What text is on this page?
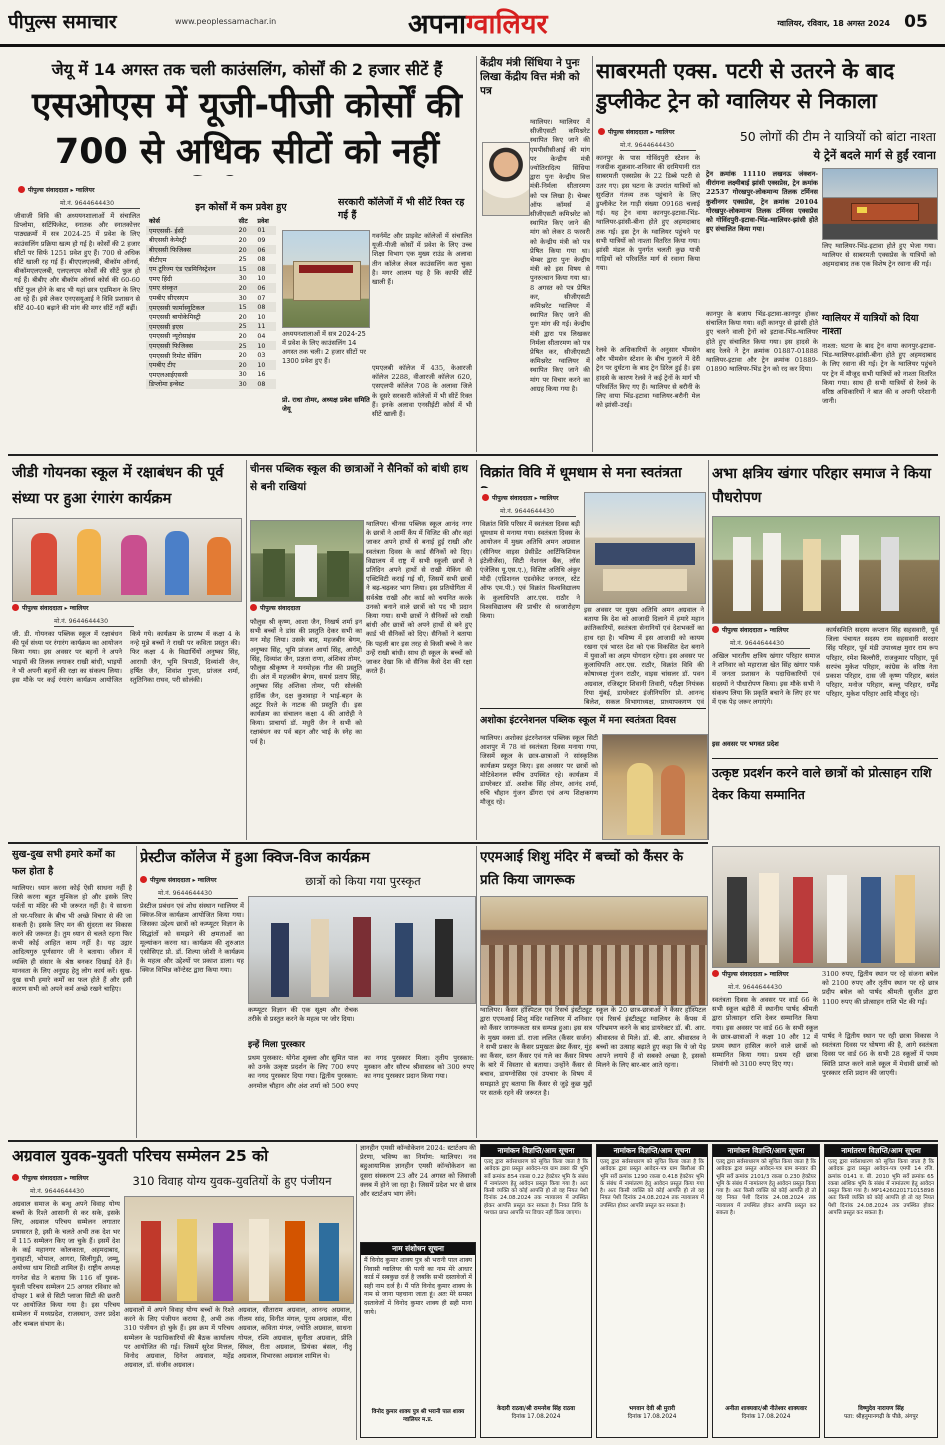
पीपुल्स समाचार	www.peoplessamachar.in	अपनाग्वालियर	ग्वालियर, रविवार, 18 अगस्त 2024 05
जेयू में 14 अगस्त तक चली काउंसलिंग, कोर्सों की 2 हजार सीटें हैं
एसओएस में यूजी-पीजी कोर्सों की
700 से अधिक सीटों को नहीं
पीपुल्स संवाददाता ▸ ग्वालियर
मो.नं. 9644644430
जीवाजी विवि की अध्ययनशालाओं में संचालित डिप्लोमा, सर्टिफिकेट, स्नातक और स्नातकोत्तर पाठ्यक्रमों में सत्र 2024-25 में प्रवेश के लिए काउंसलिंग प्रक्रिया खत्म हो गई है। कोर्सों की 2 हजार सीटों पर सिर्फ 1251 प्रवेश हुए हैं। 700 से अधिक सीटें खाली रह गई हैं। बीएएलएलबी, बीकॉम ऑनर्स, बीकॉमएलएलबी, एलएलएम कोर्सों की सीटें फुल हो गई हैं। बीबीए और बीकॉम ऑनर्स कोर्स की 60-60 सीटें फुल होने के बाद भी यहां छात्र एडमिशन के लिए आ रहे हैं। इसे लेकर एनएसयूआई ने विवि प्रशासन से सीटें 40-40 बढ़ाने की मांग की मगर सीटें नहीं बढ़ीं।
इन कोर्सों में कम प्रवेश हुए
कोर्स	सीट	प्रवेश
एमएससी- ईसी	20	01
बीएससी केमेस्ट्री	20	09
बीएससी फिजिक्स	20	06
बीटीएम	25	08
एम टूरिज्म एंड एडमिनिस्ट्रेशन	15	08
एमए हिंदी	30	10
एमए संस्कृत	20	06
एमबीए सीएसएम	30	07
एमएससी फार्मास्युटिकल	15	08
एमएससी बायोकेमिस्ट्री	20	10
एमएससी इएस	25	11
एमएससी न्यूरोसाइंस	20	04
एमएससी फिजिक्स	25	10
एमएससी रिमोट सेंसिंग	20	03
एमबीए टीए	20	10
एमएलआईएससी	30	16
डिप्लोमा इन्वेस्ट	30	08
सरकारी कॉलेजों में भी सीटें रिक्त रह गई हैं
गवर्नमेंट और प्राइवेट कॉलेजों में संचालित यूजी-पीजी कोर्सों में प्रवेश के लिए उच्च शिक्षा विभाग एक मुख्य राउंड के अलावा तीन कॉलेज लेवल काउंसलिंग करा चुका है। मगर आलम यह है कि काफी सीटें खाली हैं।
अध्ययनशालाओं में सत्र 2024-25 में प्रवेश के लिए काउंसलिंग 14 अगस्त तक चली। 2 हजार सीटों पर 1300 प्रवेश हुए हैं।
प्रो. राधा तोमर, अध्यक्ष प्रवेश समिति जेयू
एमएलबी कॉलेज में 435, केआरजी कॉलेज 2288, वीआरजी कॉलेज 620, एसएलपी कॉलेज 708 के अलावा जिले के दूसरे सरकारी कॉलेजों में भी सीटें रिक्त हैं। इनके अलावा एनसीईटी कोर्स में भी सीटें खाली हैं।
केंद्रीय मंत्री सिंधिया ने पुनः लिखा केंद्रीय वित्त मंत्री को पत्र
ग्वालियर। ग्वालियर में सीजीएसटी कमिश्नरेट स्थापित किए जाने की एमपीसीसीआई की मांग पर केन्द्रीय मंत्री ज्योतिरादित्य सिंधिया द्वारा पुनः केन्द्रीय वित्त मंत्री-निर्मला सीतारमण को पत्र लिखा है। चेम्बर ऑफ कॉमर्स में सीजीएसटी कमिश्नरेट को स्थापित किए जाने की मांग को लेकर 8 फरवरी को केन्द्रीय मंत्री को पत्र प्रेषित किया गया था। चेम्बर द्वारा पुनः केन्द्रीय मंत्री को इस विषय से पुनरुत्थान किया गया था। 8 अगस्त को पत्र प्रेषित कर, सीजीएसटी कमिश्नरेट ग्वालियर में स्थापित किए जाने की पुनः मांग की गई। केन्द्रीय मंत्री द्वारा पत्र लिखकर निर्मला सीतारमण को पत्र प्रेषित कर, सीजीएसटी कमिश्नरेट ग्वालियर में स्थापित किए जाने की मांग पर विचार करने का आग्रह किया गया है।
साबरमती एक्स. पटरी से उतरने के बाद
डुप्लीकेट ट्रेन को ग्वालियर से निकाला
50 लोगों की टीम ने यात्रियों को बांटा नाश्ता
ये ट्रेनें बदले मार्ग से हुईं रवाना
पीपुल्स संवाददाता ▸ ग्वालियर
मो.नं. 9644644430
कानपुर के पास गोविंदपुरी स्टेशन के नजदीक शुक्रवार-शनिवार की दरमियानी रात साबरमती एक्सप्रेस के 22 डिब्बे पटरी से उतर गए। इस घटना के उपरांत यात्रियों को सुरक्षित गंतव्य तक पहुंचाने के लिए डुप्लीकेट रेल गाड़ी संख्या 09168 चलाई गई। यह ट्रेन वाया कानपुर-इटावा-भिंड-ग्वालियर-झांसी-बीना होते हुए अहमदाबाद तक गई। इस ट्रेन के ग्वालियर पहुंचने पर सभी यात्रियों को नाश्ता वितरित किया गया। झांसी मंडल के पुनर्गत चलती कुछ यात्री गाड़ियों को परिवर्तित मार्ग से रवाना किया गया।
रेलवे के अधिकारियों के अनुसार भीमसेन और भीमसेन स्टेशन के बीच गुजरने में देरी ट्रेन पर दुर्घटना के बाद ट्रेन डिरेल हुई है। इस हादसे के कारण रेलवे ने कई ट्रेनों के मार्ग भी परिवर्तित किए गए हैं। ग्वालियर से बरौनी के लिए वाया भिंड-इटावा ग्वालियर-बरौनी मेल को झांसी-उरई।
ट्रेन क्रमांक 11110 लखनऊ जंक्शन-वीरांगना लक्ष्मीबाई झांसी एक्सप्रेस, ट्रेन क्रमांक 22537 गोरखपुर-लोकमान्य तिलक टर्मिनस कुशीनगर एक्सप्रेस, ट्रेन क्रमांक 20104 गोरखपुर-लोकमान्य तिलक टर्मिनस एक्सप्रेस को गोविंदपुरी-इटावा-भिंड-ग्वालियर-झांसी होते हुए संचालित किया गया।
कानपुर के बजाय भिंड-इटावा-कानपुर होकर संचालित किया गया। वहीं कानपुर से झांसी होते हुए चलने वाली ट्रेनों को इटावा-भिंड-ग्वालियर होते हुए संचालित किया गया। इस हादसे के बाद रेलवे ने ट्रेन क्रमांक 01887-01888 ग्वालियर-इटावा और ट्रेन क्रमांक 01889-01890 ग्वालियर-भिंड ट्रेन को रद कर दिया।
लिए ग्वालियर-भिंड-इटावा होते हुए भेजा गया। ग्वालियर से साबरमती एक्सप्रेस के यात्रियों को अहमदाबाद तक एक विशेष ट्रेन रवाना की गई।
ग्वालियर में यात्रियों को दिया नाश्ता
नाश्ता: घटना के बाद ट्रेन वाया कानपुर-इटावा-भिंड-ग्वालियर-झांसी-बीना होते हुए अहमदाबाद के लिए रवाना की गई। ट्रेन के ग्वालियर पहुंचने पर ट्रेन में मौजूद सभी यात्रियों को नाश्ता वितरित किया गया। साथ ही सभी यात्रियों से रेलवे के वरिष्ठ अधिकारियों ने बात की व अपनी परेशानी जानी।
जीडी गोयनका स्कूल में रक्षाबंधन की पूर्व संध्या पर हुआ रंगारंग कार्यक्रम
पीपुल्स संवाददाता ▸ ग्वालियर
मो.नं. 9644644430
जी. डी. गोयनका पब्लिक स्कूल में रक्षाबंधन की पूर्व संध्या पर रंगारंग कार्यक्रम का आयोजन किया गया। इस अवसर पर बहनों ने अपने भाइयों की तिलक लगाकर राखी बांधी, भाइयों ने भी अपनी बहनों की रक्षा का संकल्प लिया। इस मौके पर कई रंगारंग कार्यक्रम आयोजित किये गये। कार्यक्रम के प्रारम्भ में कक्षा 4 के नन्हे मुन्ने बच्चों ने राखी पर कविता प्रस्तुत की। फिर कक्षा 4 के विद्यार्थियों अनुष्का सिंह, आराधी जैन, भूमि त्रिपाठी, दिव्यांशी जैन, हर्षित जैन, शिवांश गुप्ता, प्रांजल शर्मा, स्तुतिनिका राघव, परी सोलंकी।
चीनस पब्लिक स्कूल की छात्राओं ने सैनिकों को बांधी हाथ से बनी राखियां
पीपुल्स संवाददाता
फौलुस श्री कृष्ण, आशा जैन, निखर्ष शर्मा इन सभी बच्चों ने डांस की प्रस्तुति देकर सभी का मन मोह लिया। उसके बाद, महजबीन बेगम, अनुष्का सिंह, भूमि प्रांजल आर्या सिंह, आरोही सिंह, दिव्यांश जैन, प्रज्ञता राणा, अंशिका तोमर, फौलुस श्रीकृष्ण ने मनमोहक गीत की प्रस्तुति दी। अंत में महजबीन बेगम, समर्थ प्रताप सिंह, अनुष्का सिंह अंशिका तोमर, परी सोलंकी हार्दिक जैन, दक्ष कुशवाहा ने भाई-बहन के अटूट रिश्ते के नाटक की प्रस्तुति दी। इस कार्यक्रम का संचालन कक्षा 4 की आरोही ने किया। प्राचार्या डॉ. मधुरी जैन ने सभी को रक्षाबंधन का पर्व बहन और भाई के स्नेह का पर्व है।
ग्वालियर। चीनस पब्लिक स्कूल आनंद नगर के छात्रों ने आर्मी कैंप में विजिट की और वहां जाकर अपने हाथों से बनाई हुई राखी और स्वतंत्रता दिवस के कार्ड सैनिकों को दिए। विद्यालय में राष्ट्र में सभी स्कूली छात्रों ने प्रतिदिन अपने हाथों से राखी मेकिंग की एक्टिविटी कराई गई थी, जिसमें सभी छात्रों ने बढ़-चढ़कर भाग लिया। इस प्रतियोगिता में सर्वश्रेष्ठ राखी और कार्ड को चयनित करके उनको बनाने वाले छात्रों को पद भी प्रदान किया गया। सभी छात्रों ने सैनिकों को राखी बांधी और छात्रों को अपने हाथों से बने हुए कार्ड भी सैनिकों को दिए। सैनिकों ने बताया कि पहली बार इस तरह से किसी बच्चे ने कर उन्हें राखी बांधी। साथ ही स्कूल के बच्चों को जाकर देखा कि वो सैनिक कैसे देश की रक्षा करते हैं।
विक्रांत विवि में धूमधाम से मना स्वतंत्रता
पीपुल्स संवाददाता ▸ ग्वालियर
मो.नं. 9644644430
विक्रांत विवि परिसर में स्वतंत्रता दिवस बड़ी धूमधाम से मनाया गया। स्वतंत्रता दिवस के आयोजन में मुख्य अतिथि अमन अग्रवाल (सीनियर वाइस प्रेसीडेंट आर्टिफिशियल इंटेलीजेंस), सिटी नेशनल बैंक, लॉस एंजेलिस यू.एस.ए.), विशिष्ट अतिथि अंकुर मोदी (एडिशनल एडवोकेट जनरल, स्टेट ऑफ एम.पी.) एवं विक्रांत विश्वविद्यालय के कुलाधिपति आर.एस. राठौर ने विश्वविद्यालय की प्राचीर से ध्वजारोहण किया।
इस अवसर पर मुख्य अतिथि अमन अग्रवाल ने बताया कि देश को आजादी दिलाने में हमारे महान क्रांतिकारियों, स्वतंत्रता सेनानियों एवं देशभक्तों का हाथ रहा है। भविष्य में इस आजादी को कायम रखना एवं भारत देश को एक विकसित देश बनाने में युवाओं का अहम योगदान रहेगा। इस अवसर पर कुलाधिपति आर.एस. राठौर, विक्रांत विवि की कोषाध्यक्ष गुंजन राठौर, वाइस चांसलर डॉ. पवन अग्रवाल, रजिस्ट्रार शिवानी तिवारी, परीक्षा नियंत्रक रिया मुंबई, डायरेक्टर इंजीनियरिंग प्रो. आनन्द बिलेश, सकल विभागाध्यक्ष, प्राध्यापकगण एवं
अभा क्षत्रिय खंगार परिहार समाज ने किया पौधरोपण
पीपुल्स संवाददाता ▸ ग्वालियर
मो.नं. 9644644430
अखिल भारतीय क्षत्रिय खंगार परिहार समाज ने शनिवार को महाराजा खेत सिंह खंगार पार्क में जनता प्रशासन के पदाधिकारियों एवं सदस्यों ने पौधारोपण किया। इस मौके सभी ने संकल्प लिया कि प्रकृति बचाने के लिए हर घर में एक पेड़ जरूर लगाएंगे।
इस अवसर पर भगवत प्रदेश
कार्यसमिति सदस्य कप्तान सिंह सहसवारी, पूर्व जिला पंचायत सदस्य राम सहसवारी सरदार सिंह परिहार, पूर्व मंडी उपाध्यक्ष मुरार राम रूप परिहार, रमेश बिल्लौरी, राजकुमार परिहार, पूर्व सरपंच मुकेश परिहार, कांग्रेस के वरिष्ठ नेता प्रकाश परिहार, दास जी कृष्ण परिहार, बसंत परिहार, मनोज परिहार, बल्लू परिहार, धर्मेंद्र परिहार, मुकेश परिहार आदि मौजूद रहे।
अशोका इंटरनेशनल पब्लिक स्कूल में मना स्वतंत्रता दिवस
ग्वालियर। अशोका इंटरनेशनल पब्लिक स्कूल सिटी आशपुर में 78 वां स्वतंत्रता दिवस मनाया गया, जिसमें स्कूल के छात्र-छात्राओं ने सांस्कृतिक कार्यक्रम प्रस्तुत किए। इस अवसर पर छात्रों को मोटिवेशनल स्पीच उपस्थित रहे। कार्यक्रम में डायरेक्टर डॉ. अशोक सिंह तोमर, आनंद शर्मा, रुचि चौहान गुंजन ढींगरा एवं अन्य शिक्षकगण मौजूद रहे।
उत्कृष्ट प्रदर्शन करने वाले छात्रों को प्रोत्साहन राशि देकर किया सम्मानित
सुख-दुख सभी हमारे कर्मों का फल होता है
ग्वालियर। ध्यान करना कोई ऐसी साधना नहीं है जिसे करना बहुत मुश्किल हो और इसके लिए पर्वतों या मंदिर की भी जरूरत नहीं है। ये साधना तो घर-परिवार के बीच भी अच्छे विचार से की जा सकती है। इसके लिए मन की सुंदरता का विकास करने की जरूरत है। तुम ध्यान से चलते रहना फिर कभी कोई आहित काम नहीं है। यह उद्गार आदित्यगुरु पूर्णसागर जी ने बताया। जीवन में व्यक्ति ही संसार के श्रेष्ठ बनकर दिखाई देते हैं। मानवता के लिए अनुग्रह हेतु लोग कार्य करें। सुख-दुख सभी हमारे कर्मों का फल होते हैं और इसी कारण सभी को अपने कर्म अच्छे रखने चाहिए।
प्रेस्टीज कॉलेज में हुआ क्विज-विज कार्यक्रम
पीपुल्स संवाददाता ▸ ग्वालियर
मो.नं. 9644644430
छात्रों को किया गया पुरस्कृत
प्रेस्टीज प्रबंधन एवं शोध संस्थान ग्वालियर में क्विज-विज कार्यक्रम आयोजित किया गया। जिसका उद्देश्य छात्रों को कम्प्यूटर विज्ञान के सिद्धांतों को समझने की क्षमताओं का मूल्यांकन करना था। कार्यक्रम की शुरुआत एसोसिएट प्रो. डॉ. शिल्पा जोशी ने कार्यक्रम के महत्व और उद्देश्यों पर प्रकाश डाला। यह क्विज विभिन्न कॉन्टेस्ट द्वारा किया गया।
कम्प्यूटर विज्ञान की एक सूक्ष्म और रोचक तरीके से प्रस्तुत करने के महत्व पर जोर दिया।
इन्हें मिला पुरस्कार
प्रथम पुरस्कार: योगेश शुक्ला और सुमित पाल को उनके उत्कृष्ट प्रदर्शन के लिए 700 रुपए का नगद पुरस्कार दिया गया। द्वितीय पुरस्कार: अनमोल चौहान और अंश शर्मा को 500 रुपए का नगद पुरस्कार मिला। तृतीय पुरस्कार: मुस्कान और सौरभ श्रीवास्तव को 300 रुपए का नगद पुरस्कार प्रदान किया गया।
एएमआई शिशु मंदिर में बच्चों को कैंसर के प्रति किया जागरूक
ग्वालियर। कैंसर हॉस्पिटल एवं रिसर्च इंस्टीट्यूट द्वारा एएमआई शिशु मंदिर ग्वालियर में शनिवार को कैंसर जागरूकता सत्र सम्पन्न हुआ। इस सत्र के मुख्य वक्ता डॉ. राजा ललित (कैंसर सर्जन) ने सभी प्रकार के कैंसर प्रमुखतः ब्रेस्ट कैंसर, मुंह का कैंसर, स्तन कैंसर एवं गले का कैंसर विषय के बारे में विस्तार से बताया। उन्होंने कैंसर से बचाव, डायग्नोसिस एवं उपचार के विषय में समझाते हुए बताया कि कैंसर से जुड़े कुछ मुद्दों पर सतर्क रहने की जरूरत है।
स्कूल के 20 छात्र-छात्राओं ने कैंसर हॉस्पिटल एवं रिसर्च इंस्टीट्यूट ग्वालियर के कैंपस में परिभ्रमण करने के बाद डायरेक्टर डॉ. बी. आर. श्रीवास्तव से मिले। डॉ. बी. आर. श्रीवास्तव ने बच्चों का उत्साह बढ़ाते हुए कहा कि ये जो पेड़ आपने लगाये हैं वो सबको अच्छा है, इसको मिलने के लिए बार-बार आते रहना।
पीपुल्स संवाददाता ▸ ग्वालियर
मो.नं. 9644644430
3100 रुपए, द्वितीय स्थान पर रहे संजना बघेल को 2100 रुपए और तृतीय स्थान पर रहे छात्र प्रदीप बघेल को पार्षद श्रीमती सुजीत द्वारा 1100 रुपए की प्रोत्साहन राशि भेंट की गई।
स्वतंत्रता दिवस के अवसर पर वार्ड 66 के सभी स्कूल बड़ोरी में स्थानीय पार्षद श्रीमती द्वारा प्रोत्साहन राशि देकर सम्मानित किया गया। इस अवसर पर वार्ड 66 के सभी स्कूल के छात्र-छात्राओं ने कक्षा 10 और 12 में प्रथम स्थान हासिल करने वाले छात्रों को सम्मानित किया गया। प्रथम रही छात्रा शिवांगी को 3100 रुपए दिए गए।
पार्षद ने द्वितीय स्थान पर रही छात्रा विकास ने स्वतंत्रता दिवस पर घोषणा की है, आगे स्वतंत्रता दिवस पर वार्ड 66 के सभी 28 स्कूलों में पथम स्थिति प्राप्त करने वाले स्कूल में मेधावी छात्रों को पुरस्कार राशि प्रदान की जाएगी।
अग्रवाल युवक-युवती परिचय सम्मेलन 25 को
पीपुल्स संवाददाता ▸ ग्वालियर
मो.नं. 9644644430
310 विवाह योग्य युवक-युवतियों के हुए पंजीयन
अग्रवाल समाज के बन्धु अपने विवाह योग्य बच्चों के रिश्ते आसानी से कर सके, इसके लिए, अग्रवाल परिचय सम्मेलन लगातार प्रयासरत है, इसी के चलते अभी तक देश भर में 115 सम्मेलन किए जा चुके हैं। इसमें देश के कई महानगर कोलकाता, अहमदाबाद, गुवाहाटी, भोपाल, आगरा, सिलीगुड़ी, जम्मू, अयोध्या धाम शिरडी शामिल हैं। राष्ट्रीय अध्यक्ष गगनेश सेठ ने बताया कि 116 वाँ युवक-युवती परिचय सम्मेलन 25 अगस्त रविवार को दोपहर 1 बजे से सिटी प्लाजा सिटी की छतरी पर आयोजित किया गया है। इस परिचय सम्मेलन में मध्यप्रदेश, राजस्थान, उत्तर प्रदेश और चम्बल संभाग के।
अग्रवालों में अपने विवाह योग्य बच्चों के रिश्ते करने के लिए पंजीयन कराया है, अभी तक 310 पंजीयन हो चुके हैं। इस क्रम में परिचय सम्मेलन के पदाधिकारियों की बैठक कार्यालय पर आयोजित की गई। जिसमें सुरेश मित्तल, विनोद अग्रवाल, दिनेश अग्रवाल, महेंद्र अग्रवाल, डॉ. संजीव अग्रवाल।
अग्रवाल, सीताराम अग्रवाल, आनन्द अग्रवाल, नीलम सांद, विनीत मंगल, पूनम अग्रवाल, मीरा अग्रवाल, कविता मंगल, ज्योति अग्रवाल, साधना गोयल, रश्मि अग्रवाल, सुनीता अग्रवाल, प्रीति सिंघल, रीता अग्रवाल, प्रियंका बंसल, नीतू अग्रवाल, विभारका अग्रवाल शामिल थे।
ज्ञानहीन एमसी कॉन्वोकेशन 2024: स्टार्टअप की प्रेरणा, भविष्य का निर्माण: ग्वालियर। नव बहुआयामिक ज्ञानहीन एमसी कॉन्वोकेशन का दूसरा संस्करण 23 और 24 अगस्त को जिवाजी क्लब में होने जा रहा है। जिसमें प्रदेश भर से छात्र और स्टार्टअप भाग लेंगे।
नाम संशोधन सूचना
मैं विनोद कुमार शाक्य पुत्र श्री भरानी पाल शाक्य निवासी ग्वालियर की पत्नी का नाम मेरे आधार कार्ड में सबकुछ दर्ज है जबकि सभी दस्तावेजों में सही नाम दर्ज है। मैं पति विनोद कुमार शाक्य के नाम से जाना पहचाना जाता हूं। अतः मेरे समस्त दस्तावेजों में विनोद कुमार शाक्य ही सही माना जाये।
विनोद कुमार शाक्य पुत्र श्री भरानी पाल शाक्य ग्वालियर म.प्र.
नामांकन विज्ञप्ति/आम सूचना
एतद् द्वारा सर्वसाधारण को सूचित किया जाता है कि आवेदक द्वारा प्रस्तुत आवेदन-पत्र ग्राम डबरा की भूमि सर्वे क्रमांक 854 रकबा 0.22 हेक्टेयर भूमि के संबंध में नामांतरण हेतु आवेदन प्रस्तुत किया गया है। अतः किसी व्यक्ति को कोई आपत्ति हो तो वह नियत पेशी दिनांक 24.08.2024 तक न्यायालय में उपस्थित होकर आपत्ति प्रस्तुत कर सकता है। नियत तिथि के पश्चात प्राप्त आपत्ति पर विचार नहीं किया जाएगा।
केदारी राठवा/श्री रामनरेश सिंह राठवा
दिनांक 17.08.2024
नामांकन विज्ञप्ति/आम सूचना
एतद् द्वारा सर्वसाधारण को सूचित किया जाता है कि आवेदक द्वारा प्रस्तुत आवेदन-पत्र ग्राम बिलौआ की भूमि सर्वे क्रमांक 1290 रकबा 0.418 हेक्टेयर भूमि के संबंध में नामांतरण हेतु आवेदन प्रस्तुत किया गया है। अतः किसी व्यक्ति को कोई आपत्ति हो तो वह नियत पेशी दिनांक 24.08.2024 तक न्यायालय में उपस्थित होकर आपत्ति प्रस्तुत कर सकता है।
भगवान देवी श्री मुरारी
दिनांक 17.08.2024
नामांकन विज्ञप्ति/आम सूचना
एतद् द्वारा सर्वसाधारण को सूचित किया जाता है कि आवेदक द्वारा प्रस्तुत आवेदन-पत्र ग्राम बनवार की भूमि सर्वे क्रमांक 2101/3 रकबा 0.230 हेक्टेयर भूमि के संबंध में नामांतरण हेतु आवेदन प्रस्तुत किया गया है। अतः किसी व्यक्ति को कोई आपत्ति हो तो वह नियत पेशी दिनांक 24.08.2024 तक न्यायालय में उपस्थित होकर आपत्ति प्रस्तुत कर सकता है।
अनीता शाक्यवार/श्री नीतेश्वर शाक्यवार
दिनांक 17.08.2024
नामांतरण विज्ञप्ति/आम सूचना
एतद् द्वारा सर्वसाधारण को सूचित किया जाता है कि आवेदक द्वारा प्रस्तुत आवेदन-पत्र एमपी 14 रजि. क्रमांक 0141 व. बी. 2010 भूमि सर्वे क्रमांक 65 रकबा आंशिक भूमि के संबंध में नामांतरण हेतु आवेदन प्रस्तुत किया गया है। MP1426020171015898 अतः किसी व्यक्ति को कोई आपत्ति हो तो वह नियत पेशी दिनांक 24.08.2024 तक उपस्थित होकर आपत्ति प्रस्तुत कर सकता है।
विष्णुदेव नारायण सिंह
पता: श्रीहनुमानगढ़ी के पीछे, अंगपुर
